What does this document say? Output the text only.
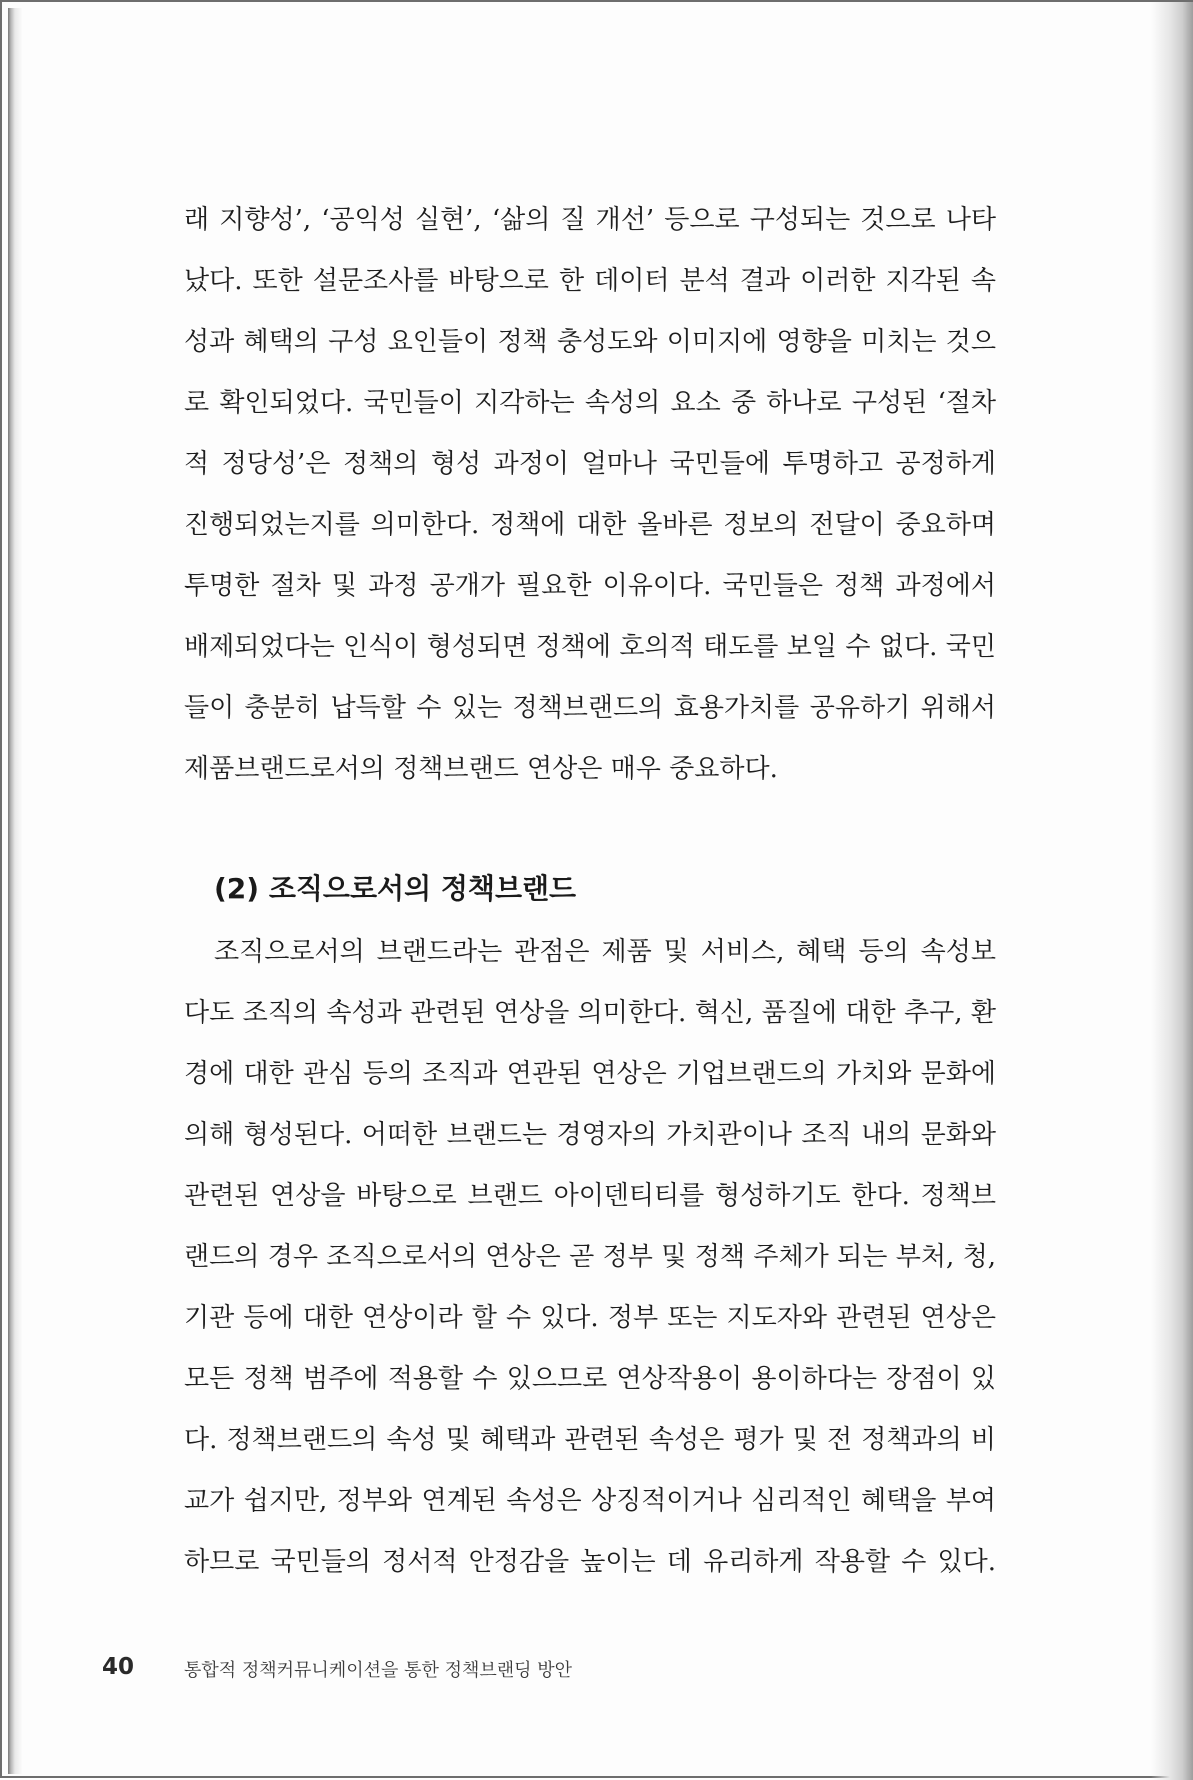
래 지향성’, ‘공익성 실현’, ‘삶의 질 개선’ 등으로 구성되는 것으로 나타
났다. 또한 설문조사를 바탕으로 한 데이터 분석 결과 이러한 지각된 속
성과 혜택의 구성 요인들이 정책 충성도와 이미지에 영향을 미치는 것으
로 확인되었다. 국민들이 지각하는 속성의 요소 중 하나로 구성된 ‘절차
적 정당성’은 정책의 형성 과정이 얼마나 국민들에 투명하고 공정하게
진행되었는지를 의미한다. 정책에 대한 올바른 정보의 전달이 중요하며
투명한 절차 및 과정 공개가 필요한 이유이다. 국민들은 정책 과정에서
배제되었다는 인식이 형성되면 정책에 호의적 태도를 보일 수 없다. 국민
들이 충분히 납득할 수 있는 정책브랜드의 효용가치를 공유하기 위해서
제품브랜드로서의 정책브랜드 연상은 매우 중요하다.
(2) 조직으로서의 정책브랜드
조직으로서의 브랜드라는 관점은 제품 및 서비스, 혜택 등의 속성보
다도 조직의 속성과 관련된 연상을 의미한다. 혁신, 품질에 대한 추구, 환
경에 대한 관심 등의 조직과 연관된 연상은 기업브랜드의 가치와 문화에
의해 형성된다. 어떠한 브랜드는 경영자의 가치관이나 조직 내의 문화와
관련된 연상을 바탕으로 브랜드 아이덴티티를 형성하기도 한다. 정책브
랜드의 경우 조직으로서의 연상은 곧 정부 및 정책 주체가 되는 부처, 청,
기관 등에 대한 연상이라 할 수 있다. 정부 또는 지도자와 관련된 연상은
모든 정책 범주에 적용할 수 있으므로 연상작용이 용이하다는 장점이 있
다. 정책브랜드의 속성 및 혜택과 관련된 속성은 평가 및 전 정책과의 비
교가 쉽지만, 정부와 연계된 속성은 상징적이거나 심리적인 혜택을 부여
하므로 국민들의 정서적 안정감을 높이는 데 유리하게 작용할 수 있다.
40	통합적 정책커뮤니케이션을 통한 정책브랜딩 방안
